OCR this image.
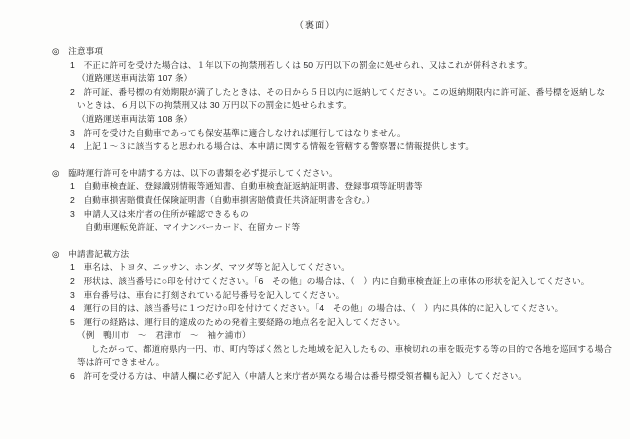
（裏面）
◎　注意事項
1　不正に許可を受けた場合は、１年以下の拘禁刑若しくは 50 万円以下の罰金に処せられ、又はこれが併科されます。
（道路運送車両法第 107 条）
2　許可証、番号標の有効期限が満了したときは、その日から５日以内に返納してください。この返納期限内に許可証、番号標を返納しな
いときは、６月以下の拘禁刑又は 30 万円以下の罰金に処せられます。
（道路運送車両法第 108 条）
3　許可を受けた自動車であっても保安基準に適合しなければ運行してはなりません。
4　上記１～３に該当すると思われる場合は、本申請に関する情報を管轄する警察署に情報提供します。
◎　臨時運行許可を申請する方は、以下の書類を必ず提示してください。
1　自動車検査証、登録識別情報等通知書、自動車検査証返納証明書、登録事項等証明書等
2　自動車損害賠償責任保険証明書（自動車損害賠償責任共済証明書を含む。）
3　申請人又は来庁者の住所が確認できるもの
自動車運転免許証、マイナンバーカード、在留カード等
◎　申請書記載方法
1　車名は、トヨタ、ニッサン、ホンダ、マツダ等と記入してください。
2　形状は、該当番号に○印を付けてください。「6　その他」の場合は、（　）内に自動車検査証上の車体の形状を記入してください。
3　車台番号は、車台に打刻されている記号番号を記入してください。
4　運行の目的は、該当番号に１つだけ○印を付けてください。「4　その他」の場合は、（　）内に具体的に記入してください。
5　運行の経路は、運行目的達成のための発着主要経路の地点名を記入してください。
（例　鴨川市　～　君津市　～　袖ケ浦市）
したがって、都道府県内一円、市、町内等ばく然とした地域を記入したもの、車検切れの車を販売する等の目的で各地を巡回する場合
等は許可できません。
6　許可を受ける方は、申請人欄に必ず記入（申請人と来庁者が異なる場合は番号標受領者欄も記入）してください。
